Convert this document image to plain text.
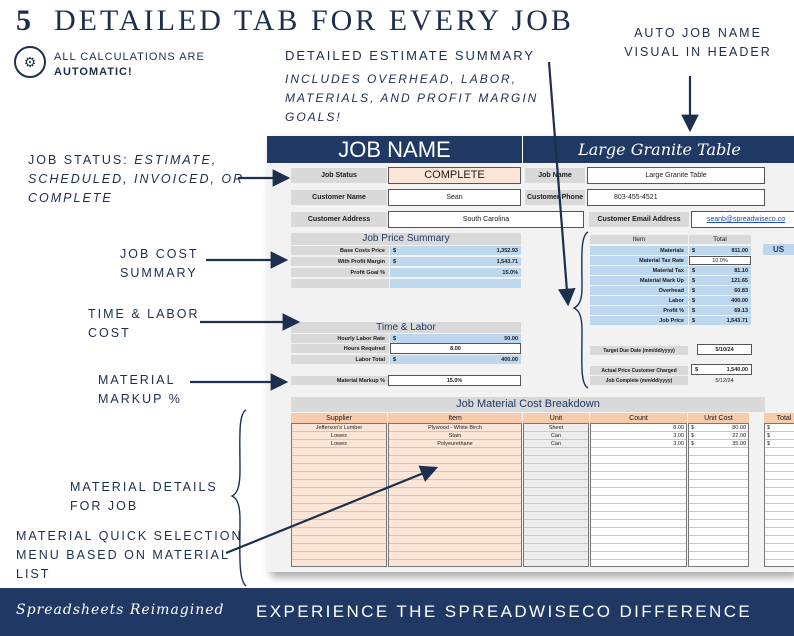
5 DETAILED TAB FOR EVERY JOB
⚙	ALL CALCULATIONS ARE
AUTOMATIC!
DETAILED ESTIMATE SUMMARY
INCLUDES OVERHEAD, LABOR,
MATERIALS, AND PROFIT MARGIN
GOALS!
AUTO JOB NAME
VISUAL IN HEADER
JOB STATUS: ESTIMATE,
SCHEDULED, INVOICED, OR
COMPLETE
JOB COST
SUMMARY
TIME & LABOR
COST
MATERIAL
MARKUP %
MATERIAL DETAILS
FOR JOB
MATERIAL QUICK SELECTION
MENU BASED ON MATERIAL
LIST
JOB NAME	Large Granite Table
Job Status	COMPLETE	Job Name	Large Granite Table
Customer Name	Sean	Customer Phone	803-455-4521
Customer Address	South Carolina	Customer Email Address	seanb@spreadwiseco.co
Job Price Summary
Base Costs Price	$	1,352.93
With Profit Margin	$	1,543.71
Profit Goal %	15.0%
Time & Labor
Hourly Labor Rate	$	50.00
Hours Required	8.00
Labor Total	$	400.00
Material Markup %	15.0%
Item	Total
US
Materials	$	811.00
Material Tax Rate	10.0%
Material Tax	$	81.10
Material Mark Up	$	121.65
Overhead	$	60.83
Labor	$	400.00
Profit %	$	69.13
Job Price	$	1,543.71
Target Due Date (mm/dd/yyyy)	5/10/24
Actual Price Customer Charged	$	1,540.00
Job Complete (mm/dd/yyyy)	5/12/24
Job Material Cost Breakdown
Supplier	Item	Unit	Count	Unit Cost	Total
Jefferson's Lumber	Plywood - White Birch	Sheet	8.00	$	80.00	$
Lowes	Stain	Can	3.00	$	22.00	$
Lowes	Polyeurethane	Can	3.00	$	35.00	$
Spreadsheets Reimagined EXPERIENCE THE SPREADWISECO DIFFERENCE
